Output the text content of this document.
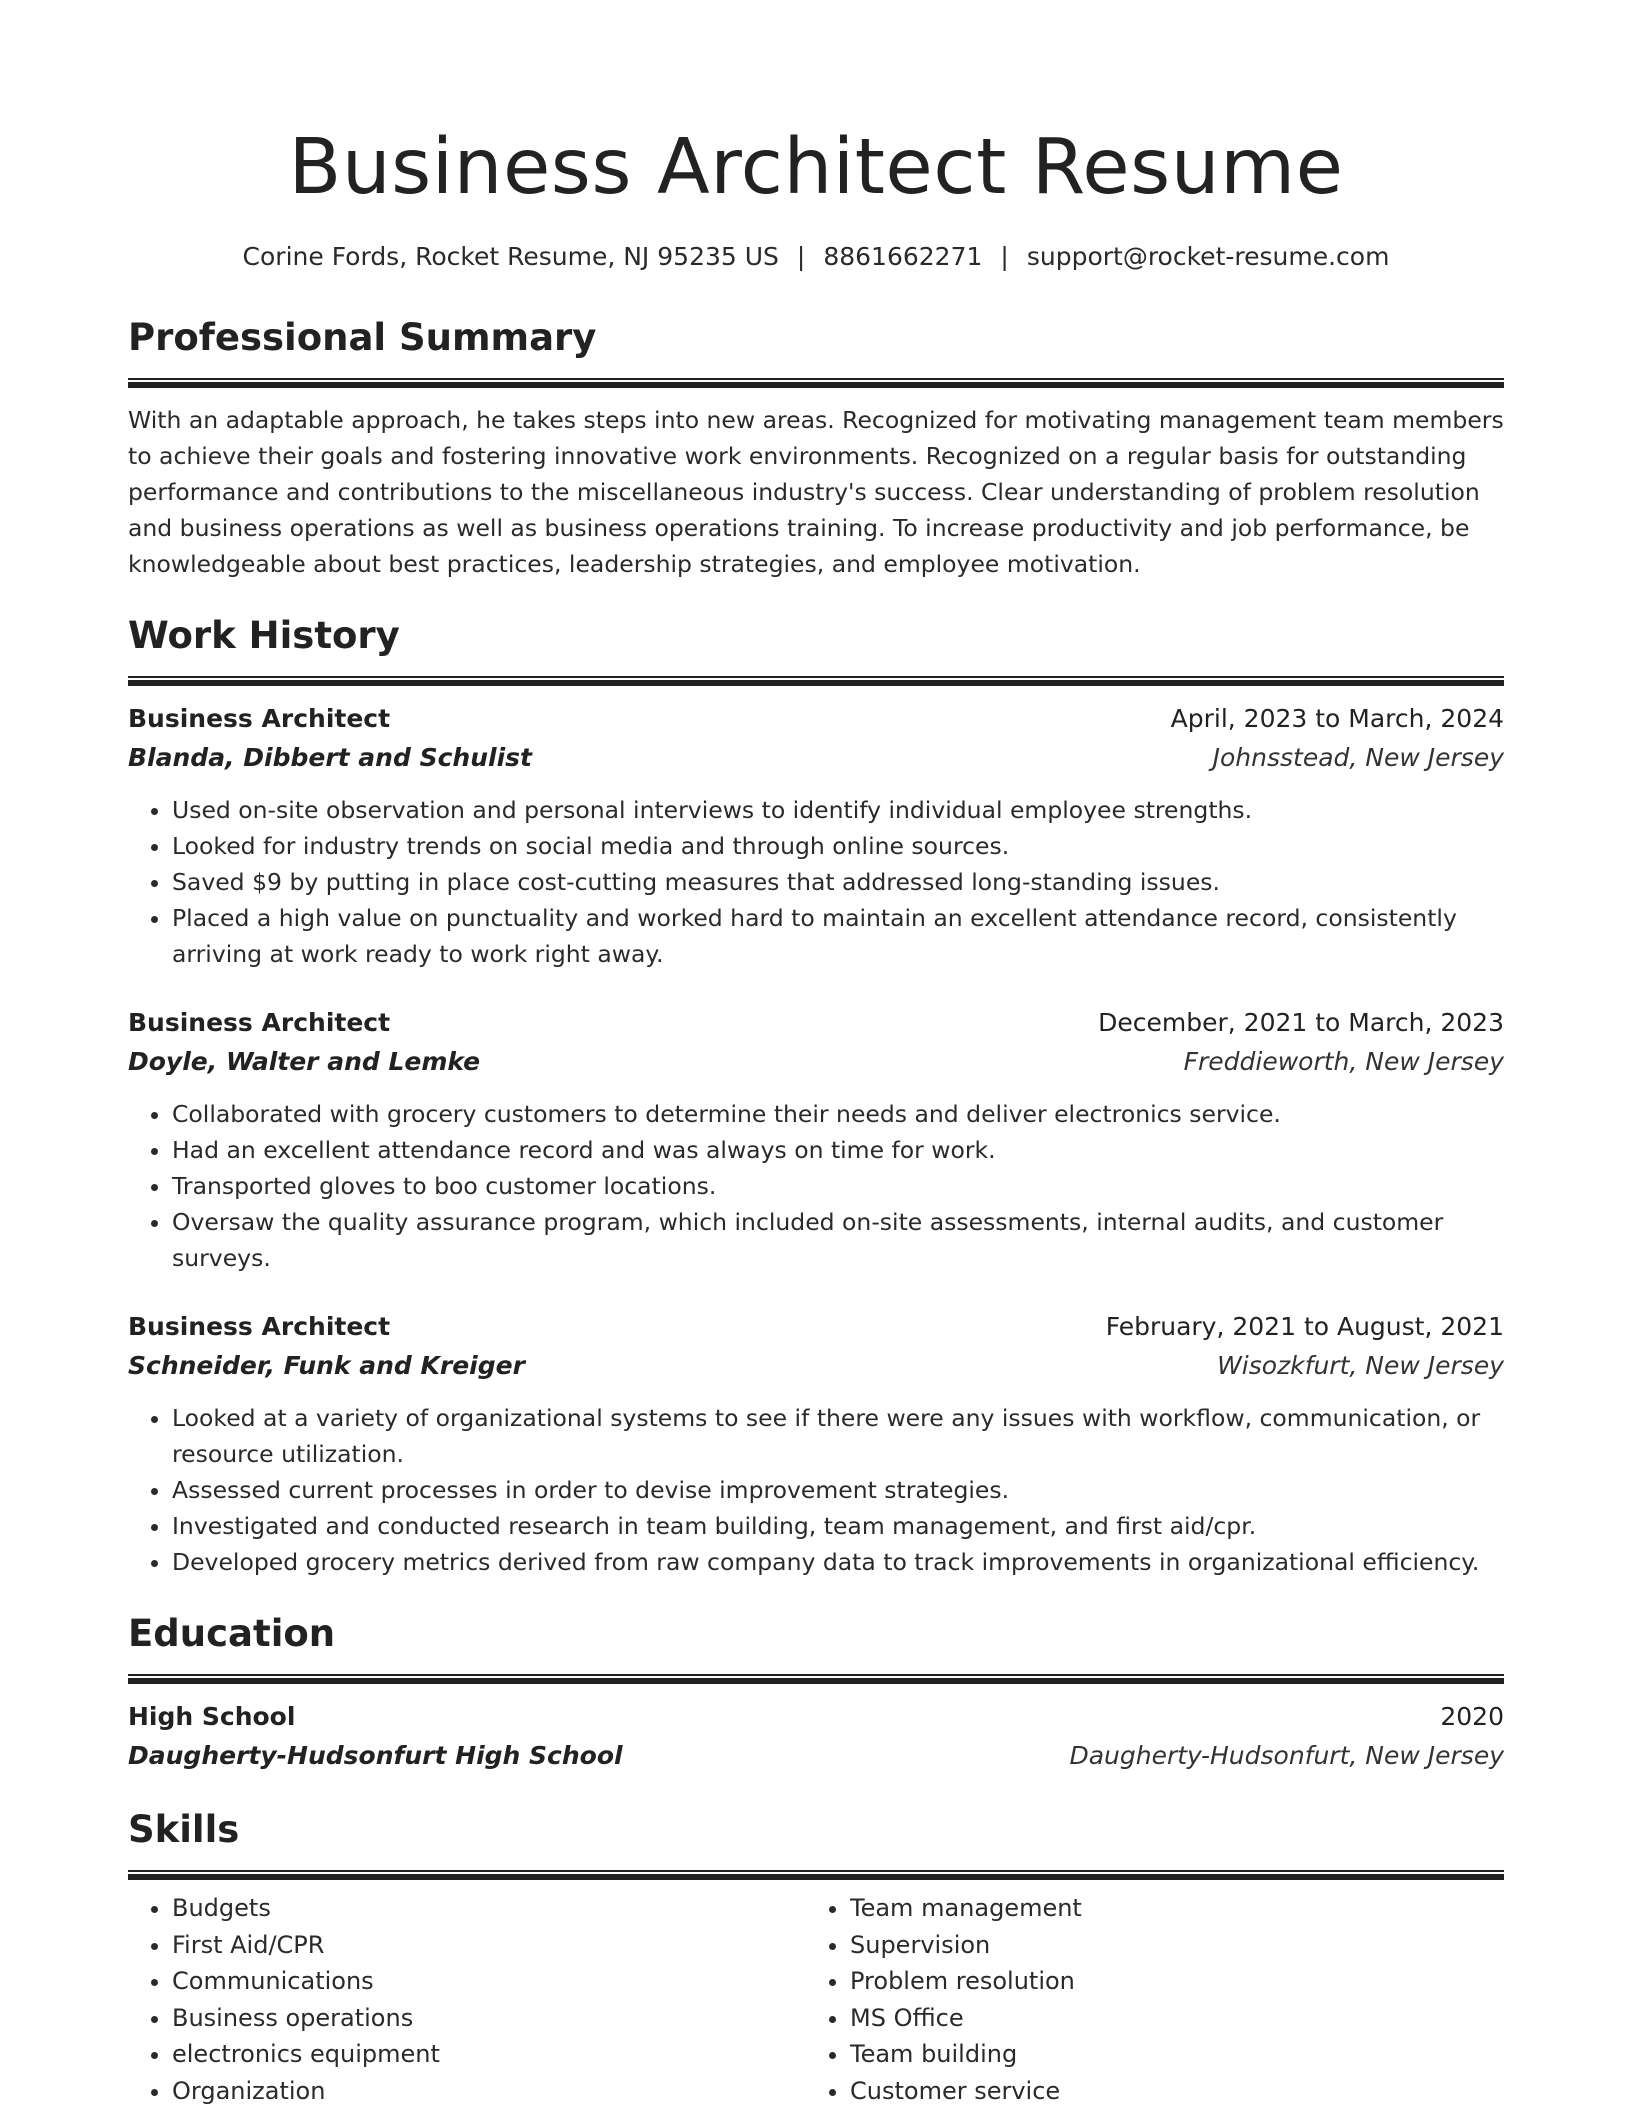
Business Architect Resume
Corine Fords, Rocket Resume, NJ 95235 US | 8861662271 | support@rocket-resume.com
Professional Summary

With an adaptable approach, he takes steps into new areas. Recognized for motivating management team members to achieve their goals and fostering innovative work environments. Recognized on a regular basis for outstanding performance and contributions to the miscellaneous industry's success. Clear understanding of problem resolution and business operations as well as business operations training. To increase productivity and job performance, be knowledgeable about best practices, leadership strategies, and employee motivation.

Work History
Business Architect	April, 2023 to March, 2024
Blanda, Dibbert and Schulist	Johnsstead, New Jersey
• Used on-site observation and personal interviews to identify individual employee strengths.
• Looked for industry trends on social media and through online sources.
• Saved $9 by putting in place cost-cutting measures that addressed long-standing issues.
• Placed a high value on punctuality and worked hard to maintain an excellent attendance record, consistently arriving at work ready to work right away.
Business Architect	December, 2021 to March, 2023
Doyle, Walter and Lemke	Freddieworth, New Jersey
• Collaborated with grocery customers to determine their needs and deliver electronics service.
• Had an excellent attendance record and was always on time for work.
• Transported gloves to boo customer locations.
• Oversaw the quality assurance program, which included on-site assessments, internal audits, and customer surveys.
Business Architect	February, 2021 to August, 2021
Schneider, Funk and Kreiger	Wisozkfurt, New Jersey
• Looked at a variety of organizational systems to see if there were any issues with workflow, communication, or resource utilization.
• Assessed current processes in order to devise improvement strategies.
• Investigated and conducted research in team building, team management, and first aid/cpr.
• Developed grocery metrics derived from raw company data to track improvements in organizational efficiency.
Education
High School	2020
Daugherty-Hudsonfurt High School	Daugherty-Hudsonfurt, New Jersey
Skills
• Budgets
• First Aid/CPR
• Communications
• Business operations
• electronics equipment
• Organization
• Team management
• Supervision
• Problem resolution
• MS Office
• Team building
• Customer service
